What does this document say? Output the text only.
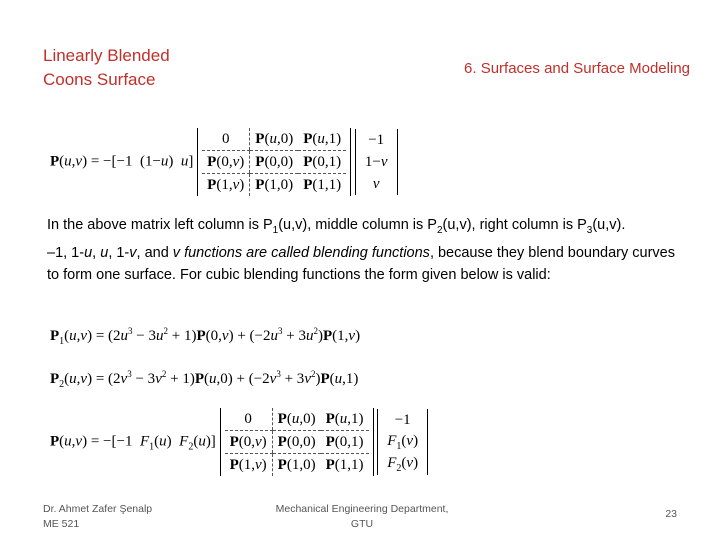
Linearly Blended
Coons Surface
6. Surfaces and Surface Modeling
P(u,v) = −[−1  (1−u)  u]
0	P(u,0)	P(u,1)
P(0,v)	P(0,0)	P(0,1)
P(1,v)	P(1,0)	P(1,1)

−1
1−v
v

In the above matrix left column is $P_1(u,v)$, middle column is $P_2(u,v)$, right column is $P_3(u,v)$.

–1, 1-u, u, 1-v, and v functions are called blending functions, because they blend boundary curves to form one surface. For cubic blending functions the form given below is valid:

$P_1(u,v) = (2u^3 - 3u^2 + 1)P(0,v) + (-2u^3 + 3u^2)P(1,v)$
$P_2(u,v) = (2v^3 - 3v^2 + 1)P(u,0) + (-2v^3 + 3v^2)P(u,1)$
P(u,v) = −[−1  $F_1(u)$  $F_2(u)$]
0	P(u,0)	P(u,1)
P(0,v)	P(0,0)	P(0,1)
P(1,v)	P(1,0)	P(1,1)

−1
$F_1(v)$
$F_2(v)$
Dr. Ahmet Zafer Şenalp
ME 521
Mechanical Engineering Department,
GTU
23
